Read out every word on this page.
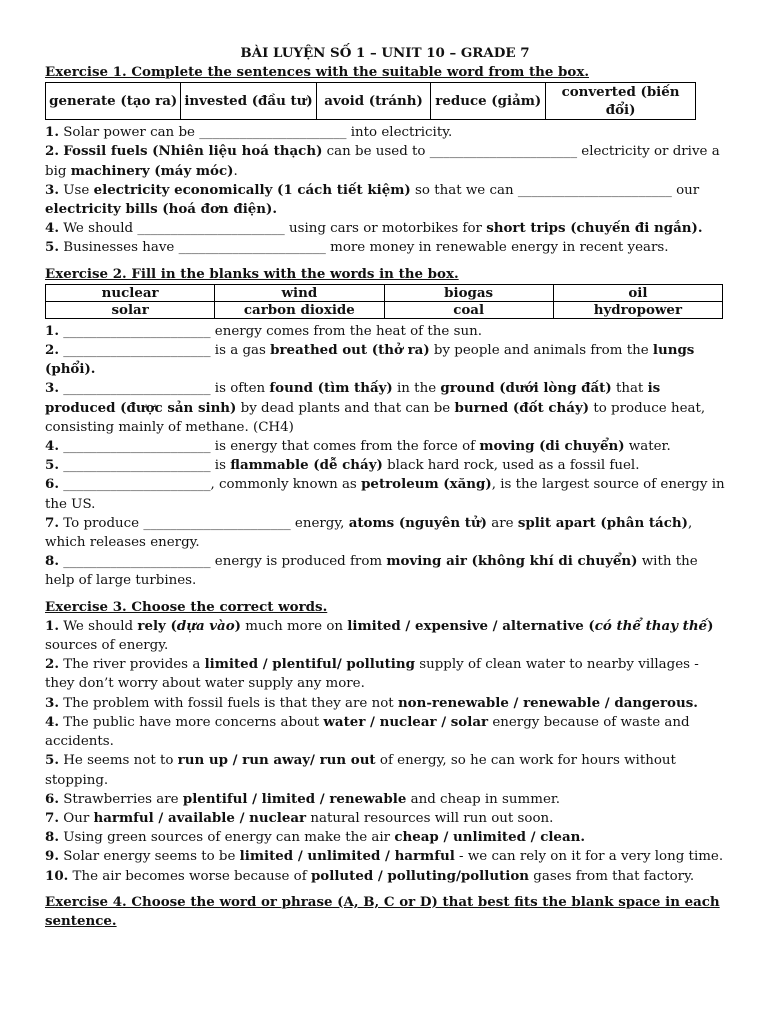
BÀI LUYỆN SỐ 1 – UNIT 10 – GRADE 7

Exercise 1. Complete the sentences with the suitable word from the box.

generate (tạo ra)	invested (đầu tư)	avoid (tránh)	reduce (giảm)	converted (biến đổi)

1. Solar power can be ______________________ into electricity.

2. Fossil fuels (Nhiên liệu hoá thạch) can be used to ______________________ electricity or drive a big machinery (máy móc).

3. Use electricity economically (1 cách tiết kiệm) so that we can _______________________ our electricity bills (hoá đơn điện).

4. We should ______________________ using cars or motorbikes for short trips (chuyến đi ngắn).

5. Businesses have ______________________ more money in renewable energy in recent years.

Exercise 2. Fill in the blanks with the words in the box.

nuclear	wind	biogas	oil
solar	carbon dioxide	coal	hydropower

1. ______________________ energy comes from the heat of the sun.

2. ______________________ is a gas breathed out (thở ra) by people and animals from the lungs (phổi).

3. ______________________ is often found (tìm thấy) in the ground (dưới lòng đất) that is produced (được sản sinh) by dead plants and that can be burned (đốt cháy) to produce heat, consisting mainly of methane. (CH4)

4. ______________________ is energy that comes from the force of moving (di chuyển) water.

5. ______________________ is flammable (dễ cháy) black hard rock, used as a fossil fuel.

6. ______________________, commonly known as petroleum (xăng), is the largest source of energy in the US.

7. To produce ______________________ energy, atoms (nguyên tử) are split apart (phân tách), which releases energy.

8. ______________________ energy is produced from moving air (không khí di chuyển) with the help of large turbines.

Exercise 3. Choose the correct words.

1. We should rely (dựa vào) much more on limited / expensive / alternative (có thể thay thế) sources of energy.

2. The river provides a limited / plentiful/ polluting supply of clean water to nearby villages - they don’t worry about water supply any more.

3. The problem with fossil fuels is that they are not non-renewable / renewable / dangerous.

4. The public have more concerns about water / nuclear / solar energy because of waste and accidents.

5. He seems not to run up / run away/ run out of energy, so he can work for hours without stopping.

6. Strawberries are plentiful / limited / renewable and cheap in summer.

7. Our harmful / available / nuclear natural resources will run out soon.

8. Using green sources of energy can make the air cheap / unlimited / clean.

9. Solar energy seems to be limited / unlimited / harmful - we can rely on it for a very long time.

10. The air becomes worse because of polluted / polluting/pollution gases from that factory.

Exercise 4. Choose the word or phrase (A, B, C or D) that best fits the blank space in each sentence.
